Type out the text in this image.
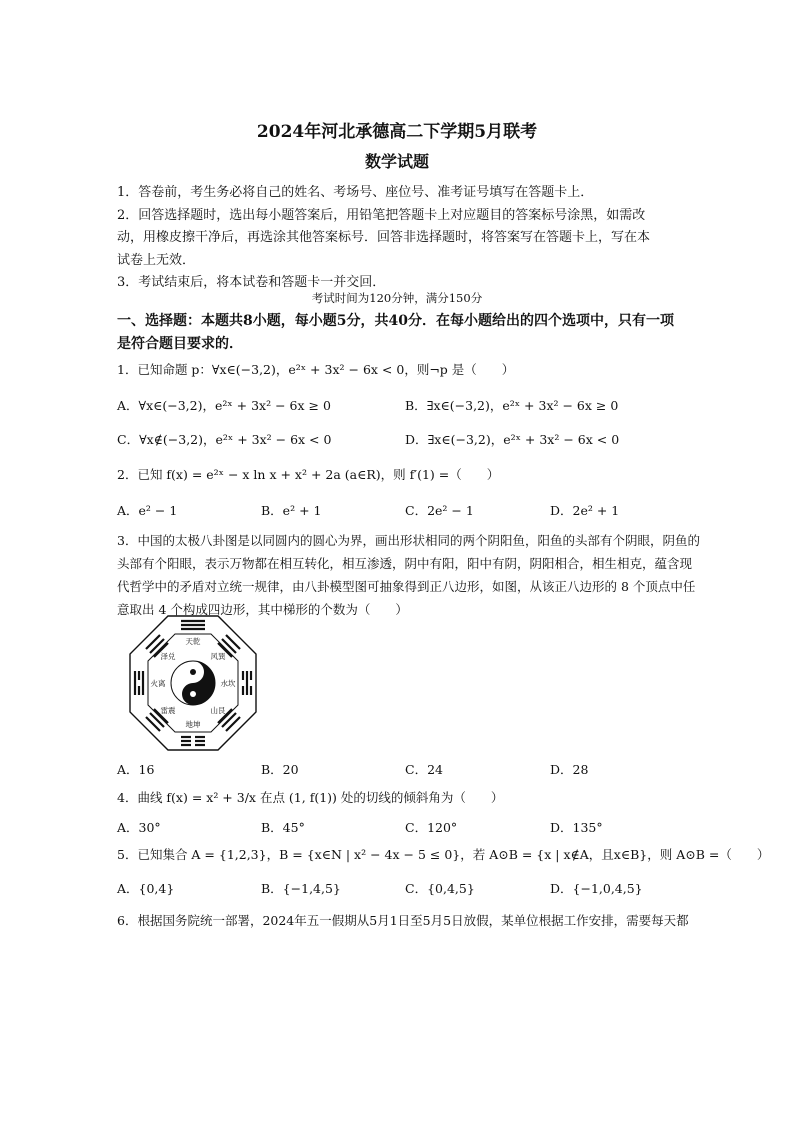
2024年河北承德高二下学期5月联考
数学试题
1．答卷前，考生务必将自己的姓名、考场号、座位号、准考证号填写在答题卡上．
2．回答选择题时，选出每小题答案后，用铅笔把答题卡上对应题目的答案标号涂黑，如需改
动，用橡皮擦干净后，再选涂其他答案标号．回答非选择题时，将答案写在答题卡上，写在本
试卷上无效．
3．考试结束后，将本试卷和答题卡一并交回．
考试时间为120分钟，满分150分
一、选择题：本题共8小题，每小题5分，共40分．在每小题给出的四个选项中，只有一项
是符合题目要求的．
1．已知命题 p：∀x∈(−3,2)，e²ˣ + 3x² − 6x < 0，则¬p 是（　　）
A．∀x∈(−3,2)，e²ˣ + 3x² − 6x ≥ 0	B．∃x∈(−3,2)，e²ˣ + 3x² − 6x ≥ 0
C．∀x∉(−3,2)，e²ˣ + 3x² − 6x < 0	D．∃x∈(−3,2)，e²ˣ + 3x² − 6x < 0
2．已知 f(x) = e²ˣ − x ln x + x² + 2a (a∈R)，则 f′(1) =（　　）
A．e² − 1	B．e² + 1	C．2e² − 1	D．2e² + 1
3．中国的太极八卦图是以同圆内的圆心为界，画出形状相同的两个阴阳鱼，阳鱼的头部有个阴眼，阴鱼的
头部有个阳眼，表示万物都在相互转化，相互渗透，阴中有阳，阳中有阴，阴阳相合，相生相克，蕴含现
代哲学中的矛盾对立统一规律，由八卦模型图可抽象得到正八边形，如图，从该正八边形的 8 个顶点中任
意取出 4 个构成四边形，其中梯形的个数为（　　）
天乾
地坤
火离	水坎
泽兑	风巽
雷震	山艮
A．16	B．20	C．24	D．28
4．曲线 f(x) = x² + 3/x 在点 (1, f(1)) 处的切线的倾斜角为（　　）
A．30°	B．45°	C．120°	D．135°
5．已知集合 A = {1,2,3}，B = {x∈N | x² − 4x − 5 ≤ 0}，若 A⊙B = {x | x∉A，且x∈B}，则 A⊙B =（　　）
A．{0,4}	B．{−1,4,5}	C．{0,4,5}	D．{−1,0,4,5}
6．根据国务院统一部署，2024年五一假期从5月1日至5月5日放假，某单位根据工作安排，需要每天都
